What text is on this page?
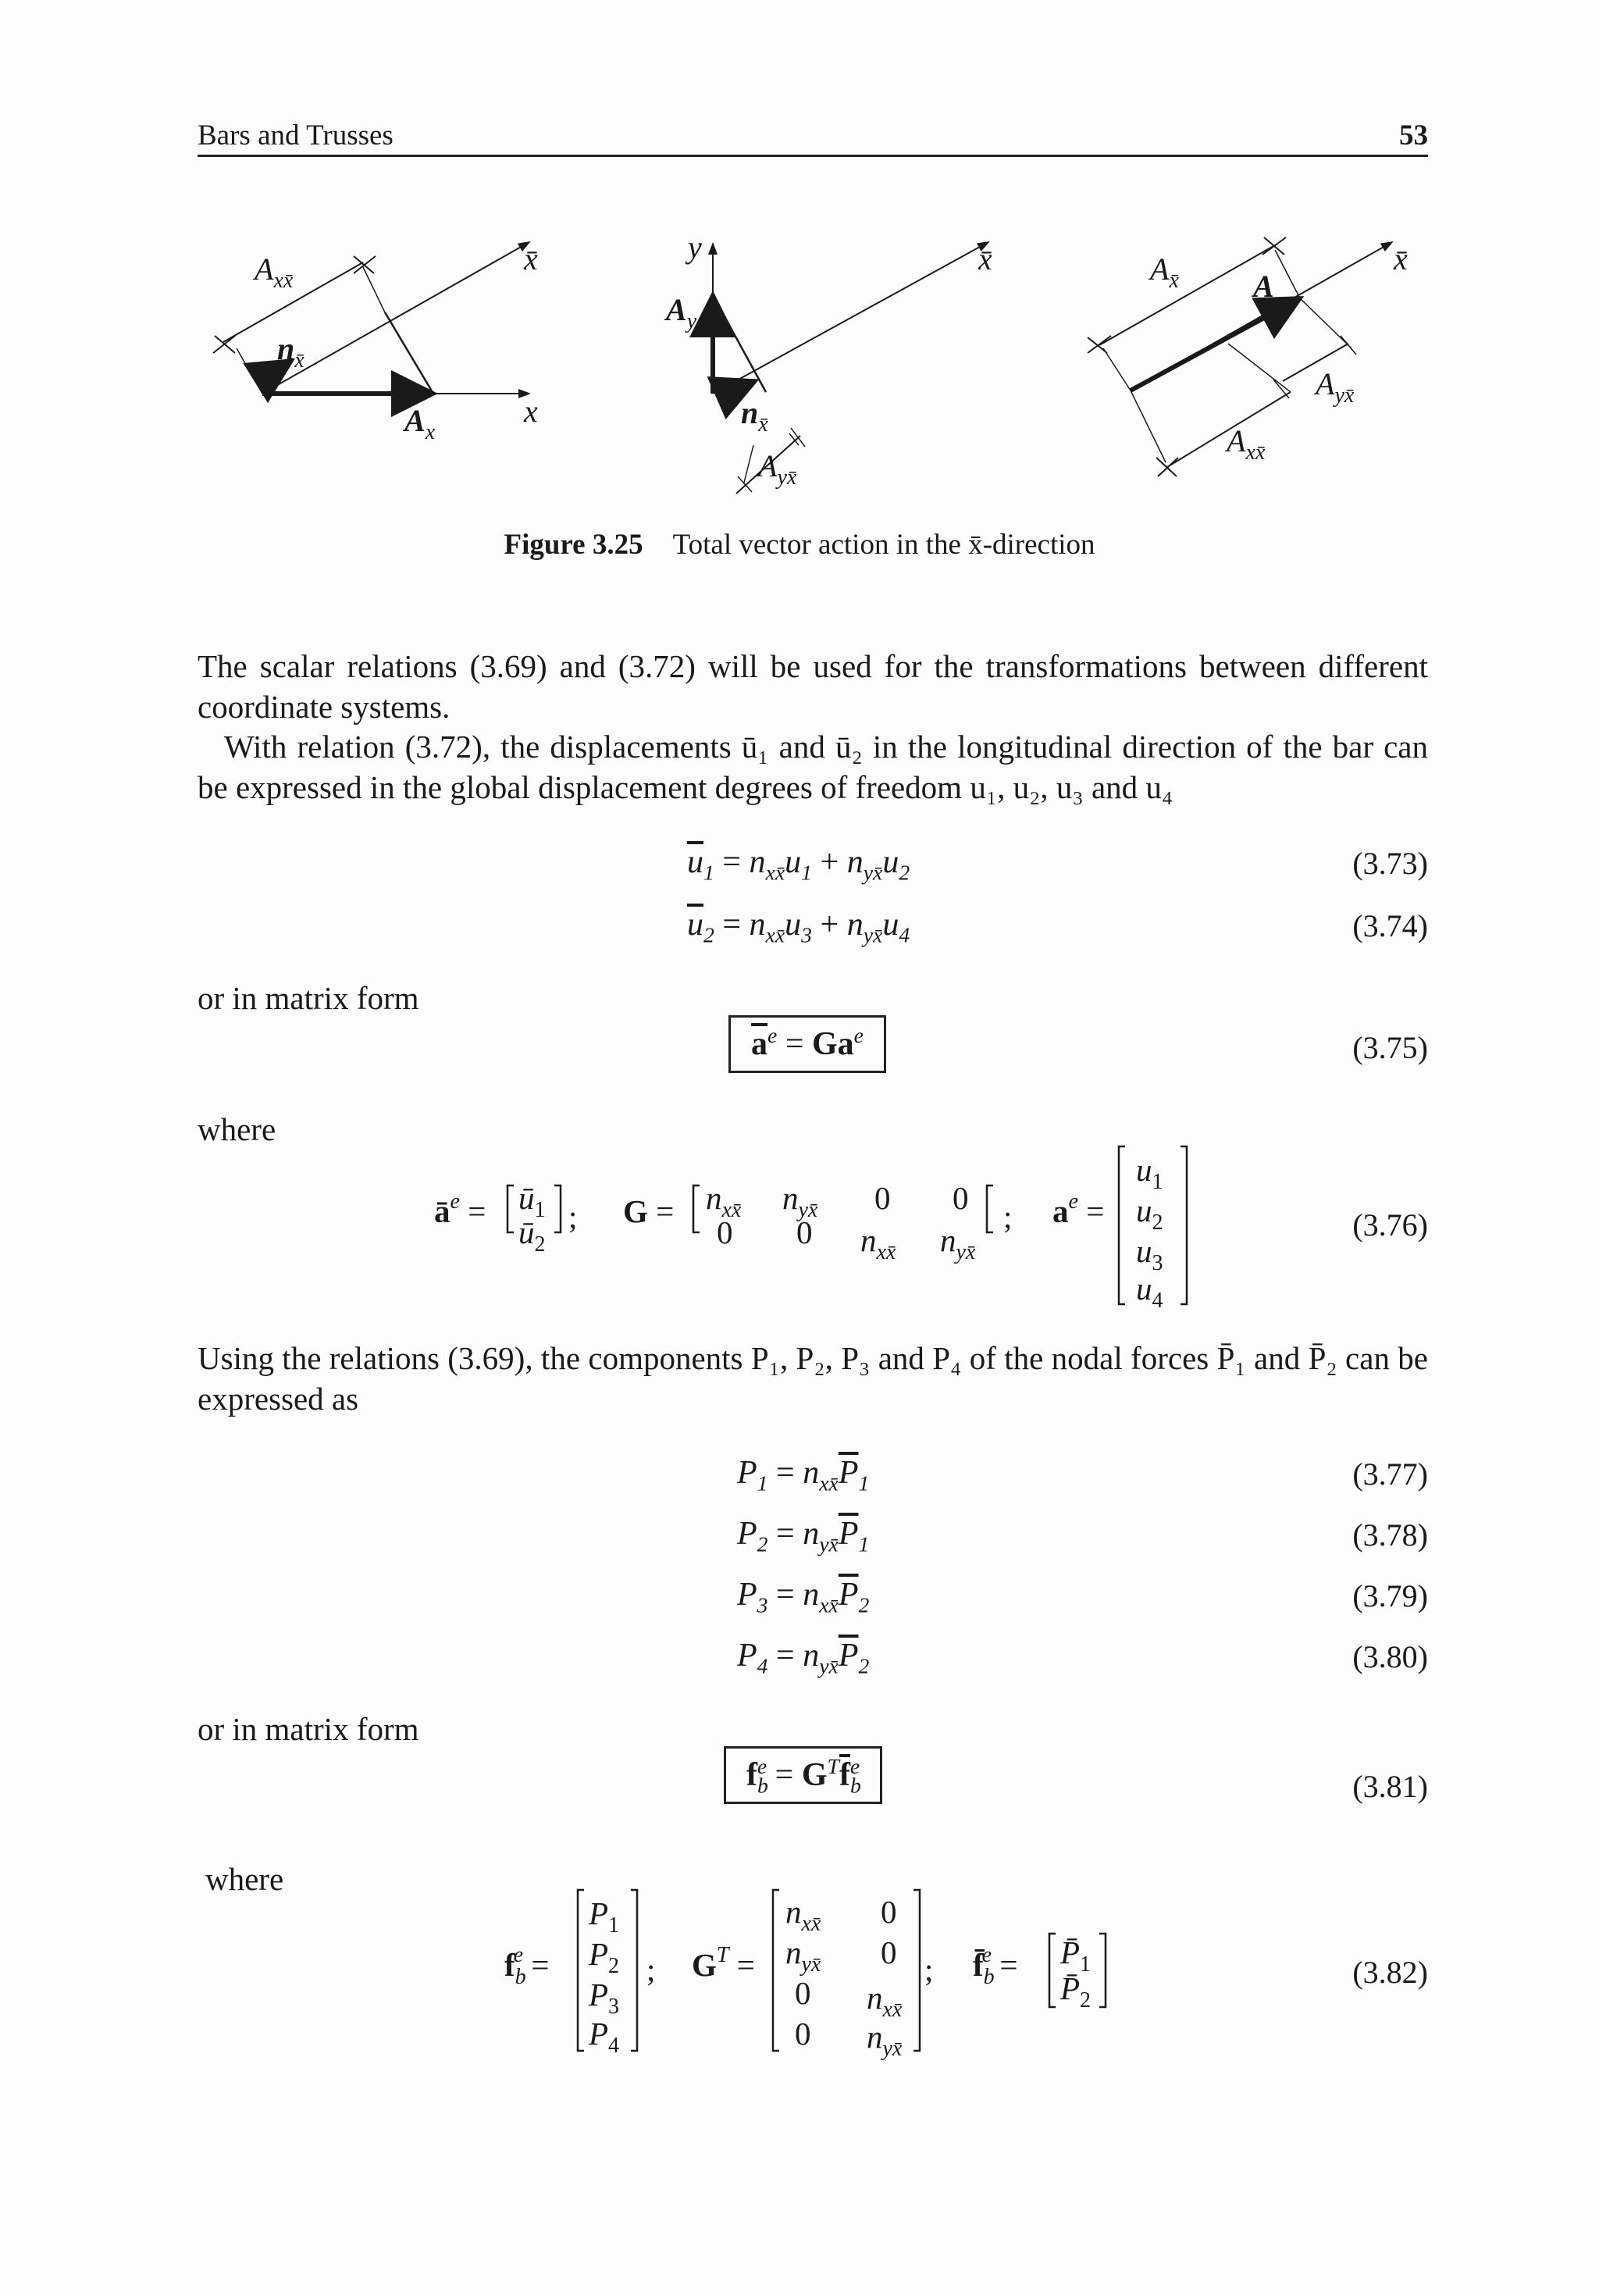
Bars and Trusses	53
$A_{xx̄}$
$n_{x̄}$
$A_x$
x̄
x
y
$A_y$
$n_{x̄}$
$A_{yx̄}$
x̄	$A_{x̄}$ A
$A_{yx̄}$
$A_{xx̄}$
x̄
Figure 3.25 Total vector action in the x̄-direction

The scalar relations (3.69) and (3.72) will be used for the transformations between different coordinate systems.

With relation (3.72), the displacements ū₁ and ū₂ in the longitudinal direction of the bar can be expressed in the global displacement degrees of freedom u₁, u₂, u₃ and u₄

$\overline{u}_1 = n_{xx̄}u_1 + n_{yx̄}u_2$	(3.73)
$\overline{u}_2 = n_{xx̄}u_3 + n_{yx̄}u_4$	(3.74)
or in matrix form
$\overline{a}^e = Ga^e$	(3.75)
where
$ā^e$ = $ū_1$
$ū_2$
; $G = n_{xx̄}$ $n_{yx̄}$ 0 0
0 0 $n_{xx̄}$ $n_{yx̄}$
; $a^e$ =
$u_1$
$u_2$
$u_3$
$u_4$
(3.76)

Using the relations (3.69), the components P₁, P₂, P₃ and P₄ of the nodal forces P̄₁ and P̄₂ can be expressed as

$P_1 = n_{xx̄}\overline{P}_1$	(3.77)
$P_2 = n_{yx̄}\overline{P}_1$	(3.78)
$P_3 = n_{xx̄}\overline{P}_2$	(3.79)
$P_4 = n_{yx̄}\overline{P}_2$	(3.80)
or in matrix form
$f_b^e = G^T\overline{f}_b^e$
(3.81)
where
$f_be$ =
$P_1$
$P_2$
$P_3$
$P_4$
; $G^T$ =
$n_{xx̄}$ 0
$n_{yx̄}$ 0
0 $n_{xx̄}$
0 $n_{yx̄}$
; $f̄_be$ = $P̄_1$
$P̄_2$
(3.82)
